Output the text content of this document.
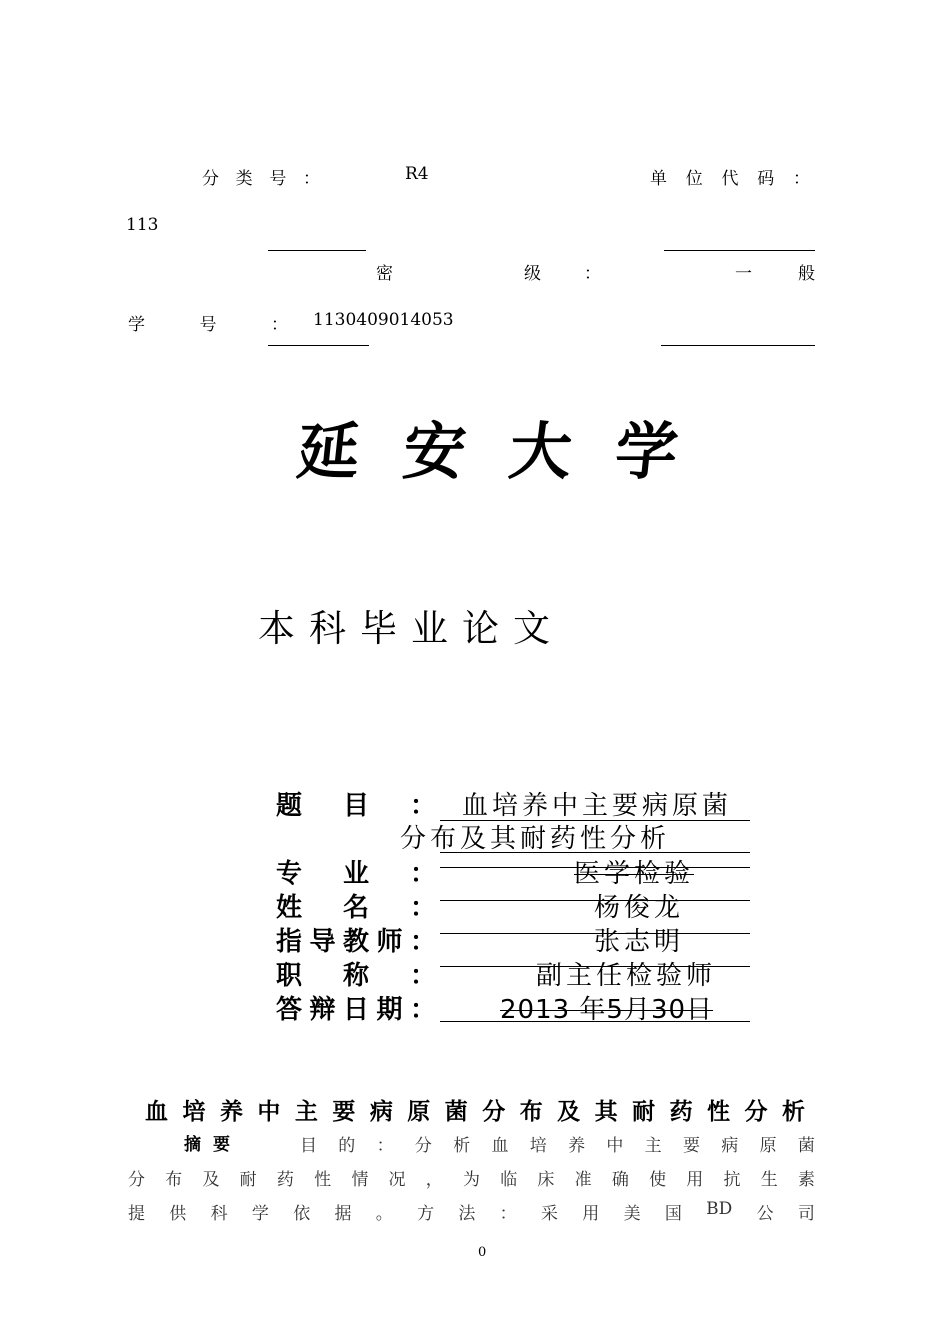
分 类 号 ：	R4	单 位 代 码 ：
113
密	级	：	一	般
学	号	： 1130409014053
延安大学
本科毕业论文
题 目 ： 血培养中主要病原菌
分布及其耐药性分析
专 业 ：	医学检验
姓 名 ：	杨俊龙
指 导 教 师 ：	张志明
职 称 ：	副主任检验师
答 辩 日 期 ： 2013 年5月30日
血 培 养 中 主 要 病 原 菌 分 布 及 其 耐 药 性 分 析
摘要	目 的 ： 分 析 血 培 养 中 主 要 病 原 菌
分 布 及 耐 药 性 情 况 ， 为 临 床 准 确 使 用 抗 生 素
提 供 科 学 依 据 。 方 法 ： 采 用 美 国 BD 公 司
0
